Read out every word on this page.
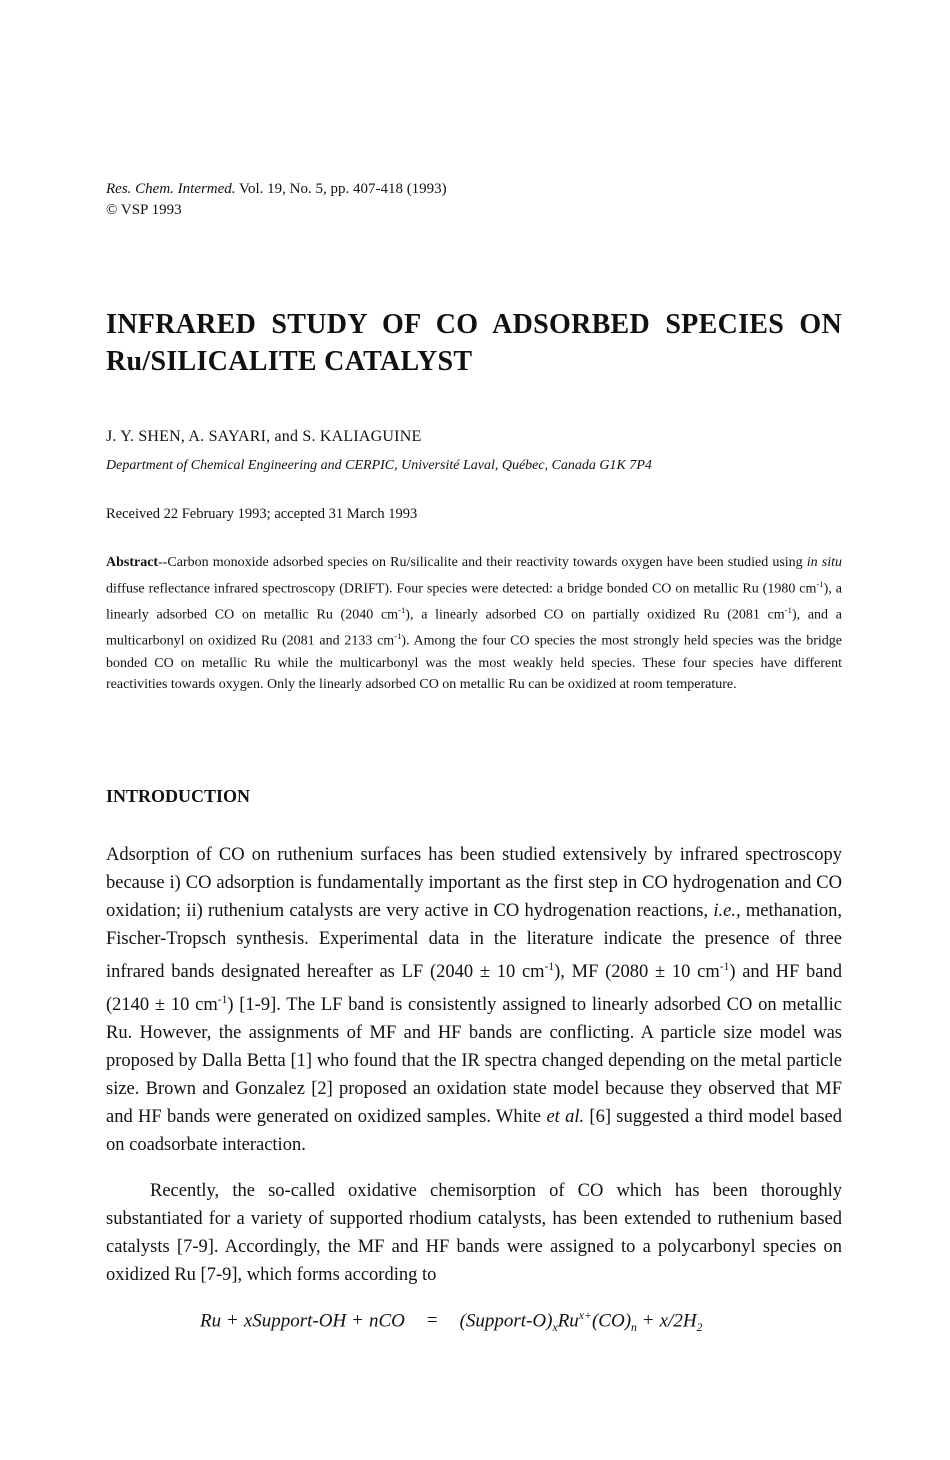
Res. Chem. Intermed. Vol. 19, No. 5, pp. 407-418 (1993)
© VSP 1993
INFRARED STUDY OF CO ADSORBED SPECIES ON Ru/SILICALITE CATALYST
J. Y. SHEN, A. SAYARI, and S. KALIAGUINE
Department of Chemical Engineering and CERPIC, Université Laval, Québec, Canada G1K 7P4
Received 22 February 1993; accepted 31 March 1993

Abstract--Carbon monoxide adsorbed species on Ru/silicalite and their reactivity towards oxygen have been studied using in situ diffuse reflectance infrared spectroscopy (DRIFT). Four species were detected: a bridge bonded CO on metallic Ru (1980 $cm^{-1}$), a linearly adsorbed CO on metallic Ru (2040 $cm^{-1}$), a linearly adsorbed CO on partially oxidized Ru (2081 $cm^{-1}$), and a multicarbonyl on oxidized Ru (2081 and 2133 $cm^{-1}$). Among the four CO species the most strongly held species was the bridge bonded CO on metallic Ru while the multicarbonyl was the most weakly held species. These four species have different reactivities towards oxygen. Only the linearly adsorbed CO on metallic Ru can be oxidized at room temperature.

INTRODUCTION

Adsorption of CO on ruthenium surfaces has been studied extensively by infrared spectroscopy because i) CO adsorption is fundamentally important as the first step in CO hydrogenation and CO oxidation; ii) ruthenium catalysts are very active in CO hydrogenation reactions, i.e., methanation, Fischer-Tropsch synthesis. Experimental data in the literature indicate the presence of three infrared bands designated hereafter as LF (2040 ± 10 $cm^{-1}$), MF (2080 ± 10 $cm^{-1}$) and HF band (2140 ± 10 $cm^{-1}$) [1-9]. The LF band is consistently assigned to linearly adsorbed CO on metallic Ru. However, the assignments of MF and HF bands are conflicting. A particle size model was proposed by Dalla Betta [1] who found that the IR spectra changed depending on the metal particle size. Brown and Gonzalez [2] proposed an oxidation state model because they observed that MF and HF bands were generated on oxidized samples. White et al. [6] suggested a third model based on coadsorbate interaction.

Recently, the so-called oxidative chemisorption of CO which has been thoroughly substantiated for a variety of supported rhodium catalysts, has been extended to ruthenium based catalysts [7-9]. Accordingly, the MF and HF bands were assigned to a polycarbonyl species on oxidized Ru [7-9], which forms according to

Ru + xSupport-OH + nCO = $(Support-O)_xRu^{x+}(CO)_n + x/2H_2$
